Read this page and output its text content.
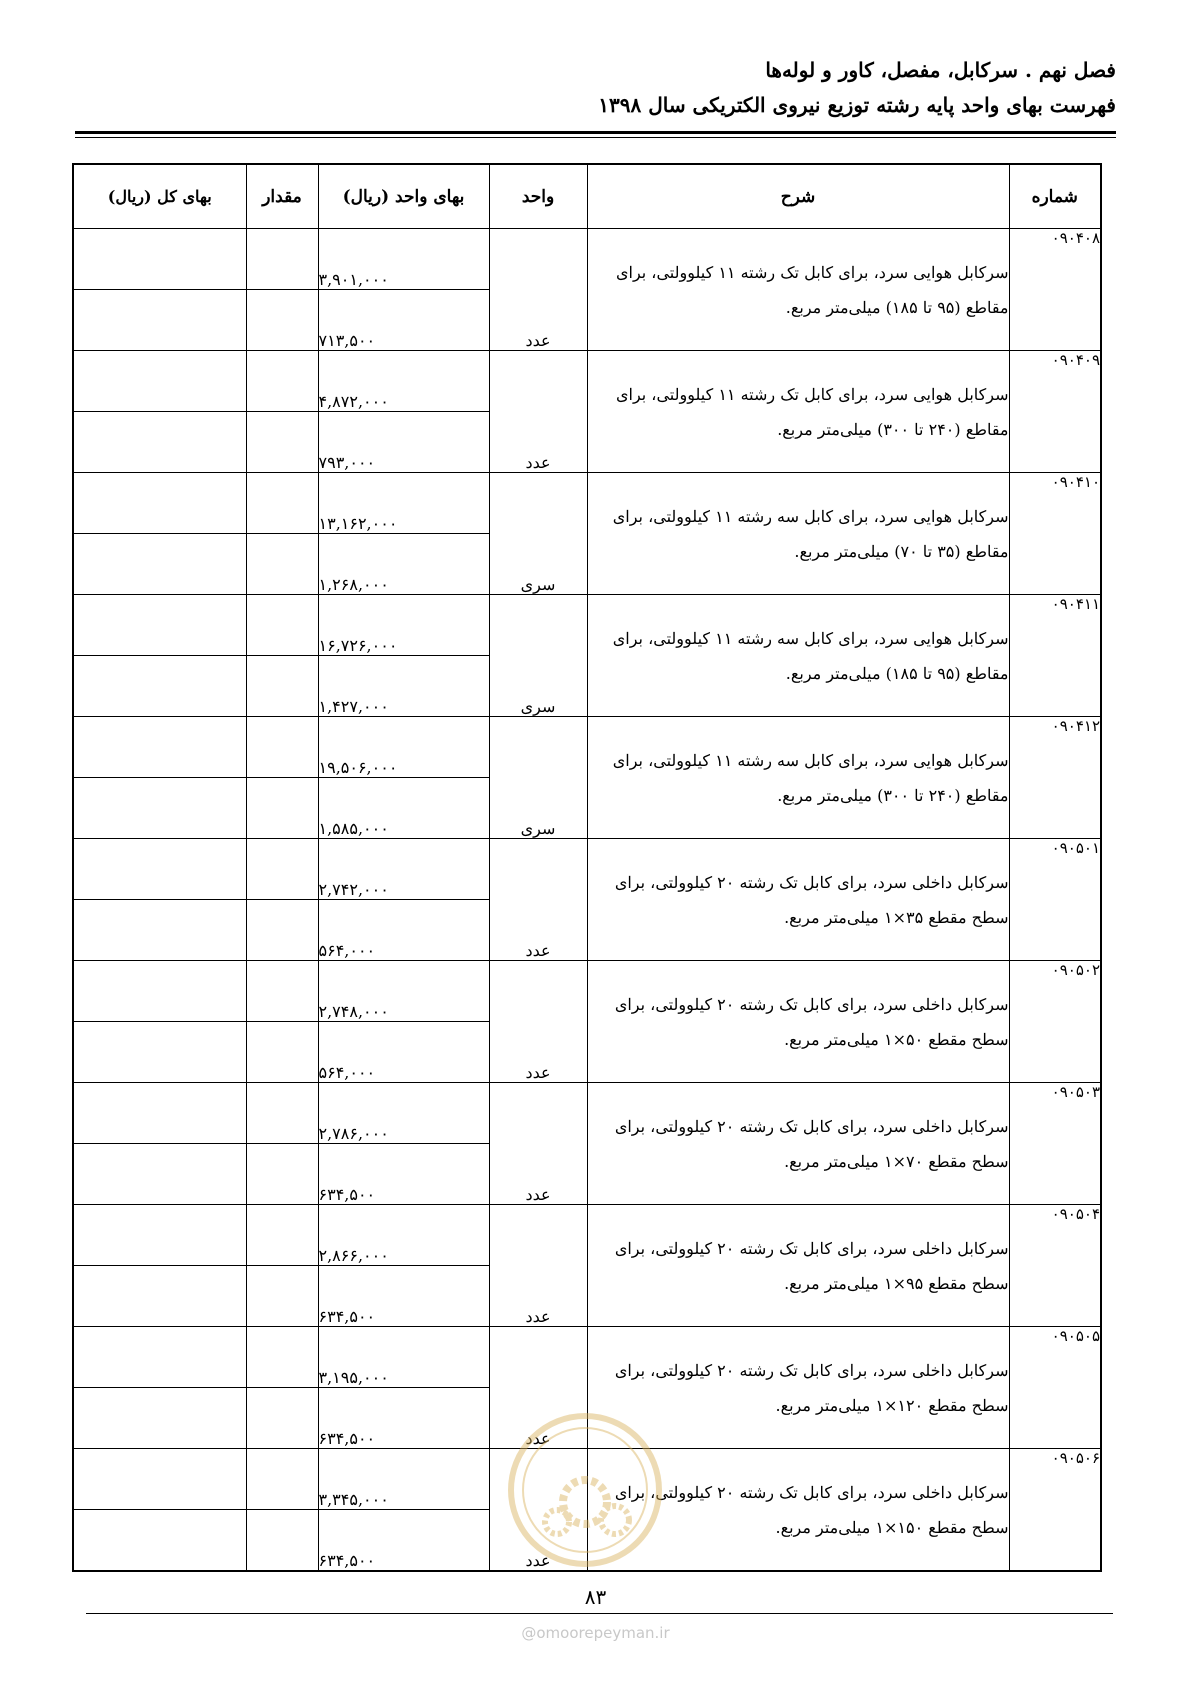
فصل نهم . سرکابل، مفصل، کاور و لوله‌ها
فهرست بهای واحد پایه رشته توزیع نیروی الکتریکی سال ۱۳۹۸
شماره	شرح	واحد	بهای واحد (ریال)	مقدار	بهای کل (ریال)
۰۹۰۴۰۸	سرکابل هوایی سرد، برای کابل تک رشته ۱۱ کیلوولتی، برای مقاطع (۹۵ تا ۱۸۵) میلی‌متر مربع.	عدد	۳,۹۰۱,۰۰۰		
			۷۱۳,۵۰۰		
۰۹۰۴۰۹	سرکابل هوایی سرد، برای کابل تک رشته ۱۱ کیلوولتی، برای مقاطع (۲۴۰ تا ۳۰۰) میلی‌متر مربع.	عدد	۴,۸۷۲,۰۰۰		
			۷۹۳,۰۰۰		
۰۹۰۴۱۰	سرکابل هوایی سرد، برای کابل سه رشته ۱۱ کیلوولتی، برای مقاطع (۳۵ تا ۷۰) میلی‌متر مربع.	سری	۱۳,۱۶۲,۰۰۰		
			۱,۲۶۸,۰۰۰		
۰۹۰۴۱۱	سرکابل هوایی سرد، برای کابل سه رشته ۱۱ کیلوولتی، برای مقاطع (۹۵ تا ۱۸۵) میلی‌متر مربع.	سری	۱۶,۷۲۶,۰۰۰		
			۱,۴۲۷,۰۰۰		
۰۹۰۴۱۲	سرکابل هوایی سرد، برای کابل سه رشته ۱۱ کیلوولتی، برای مقاطع (۲۴۰ تا ۳۰۰) میلی‌متر مربع.	سری	۱۹,۵۰۶,۰۰۰		
			۱,۵۸۵,۰۰۰		
۰۹۰۵۰۱	سرکابل داخلی سرد، برای کابل تک رشته ۲۰ کیلوولتی، برای سطح مقطع ۳۵×۱ میلی‌متر مربع.	عدد	۲,۷۴۲,۰۰۰		
			۵۶۴,۰۰۰		
۰۹۰۵۰۲	سرکابل داخلی سرد، برای کابل تک رشته ۲۰ کیلوولتی، برای سطح مقطع ۵۰×۱ میلی‌متر مربع.	عدد	۲,۷۴۸,۰۰۰		
			۵۶۴,۰۰۰		
۰۹۰۵۰۳	سرکابل داخلی سرد، برای کابل تک رشته ۲۰ کیلوولتی، برای سطح مقطع ۷۰×۱ میلی‌متر مربع.	عدد	۲,۷۸۶,۰۰۰		
			۶۳۴,۵۰۰		
۰۹۰۵۰۴	سرکابل داخلی سرد، برای کابل تک رشته ۲۰ کیلوولتی، برای سطح مقطع ۹۵×۱ میلی‌متر مربع.	عدد	۲,۸۶۶,۰۰۰		
			۶۳۴,۵۰۰		
۰۹۰۵۰۵	سرکابل داخلی سرد، برای کابل تک رشته ۲۰ کیلوولتی، برای سطح مقطع ۱۲۰×۱ میلی‌متر مربع.	عدد	۳,۱۹۵,۰۰۰		
			۶۳۴,۵۰۰		
۰۹۰۵۰۶	سرکابل داخلی سرد، برای کابل تک رشته ۲۰ کیلوولتی، برای سطح مقطع ۱۵۰×۱ میلی‌متر مربع.	عدد	۳,۳۴۵,۰۰۰		
			۶۳۴,۵۰۰		
۸۳
@omoorepeyman.ir
